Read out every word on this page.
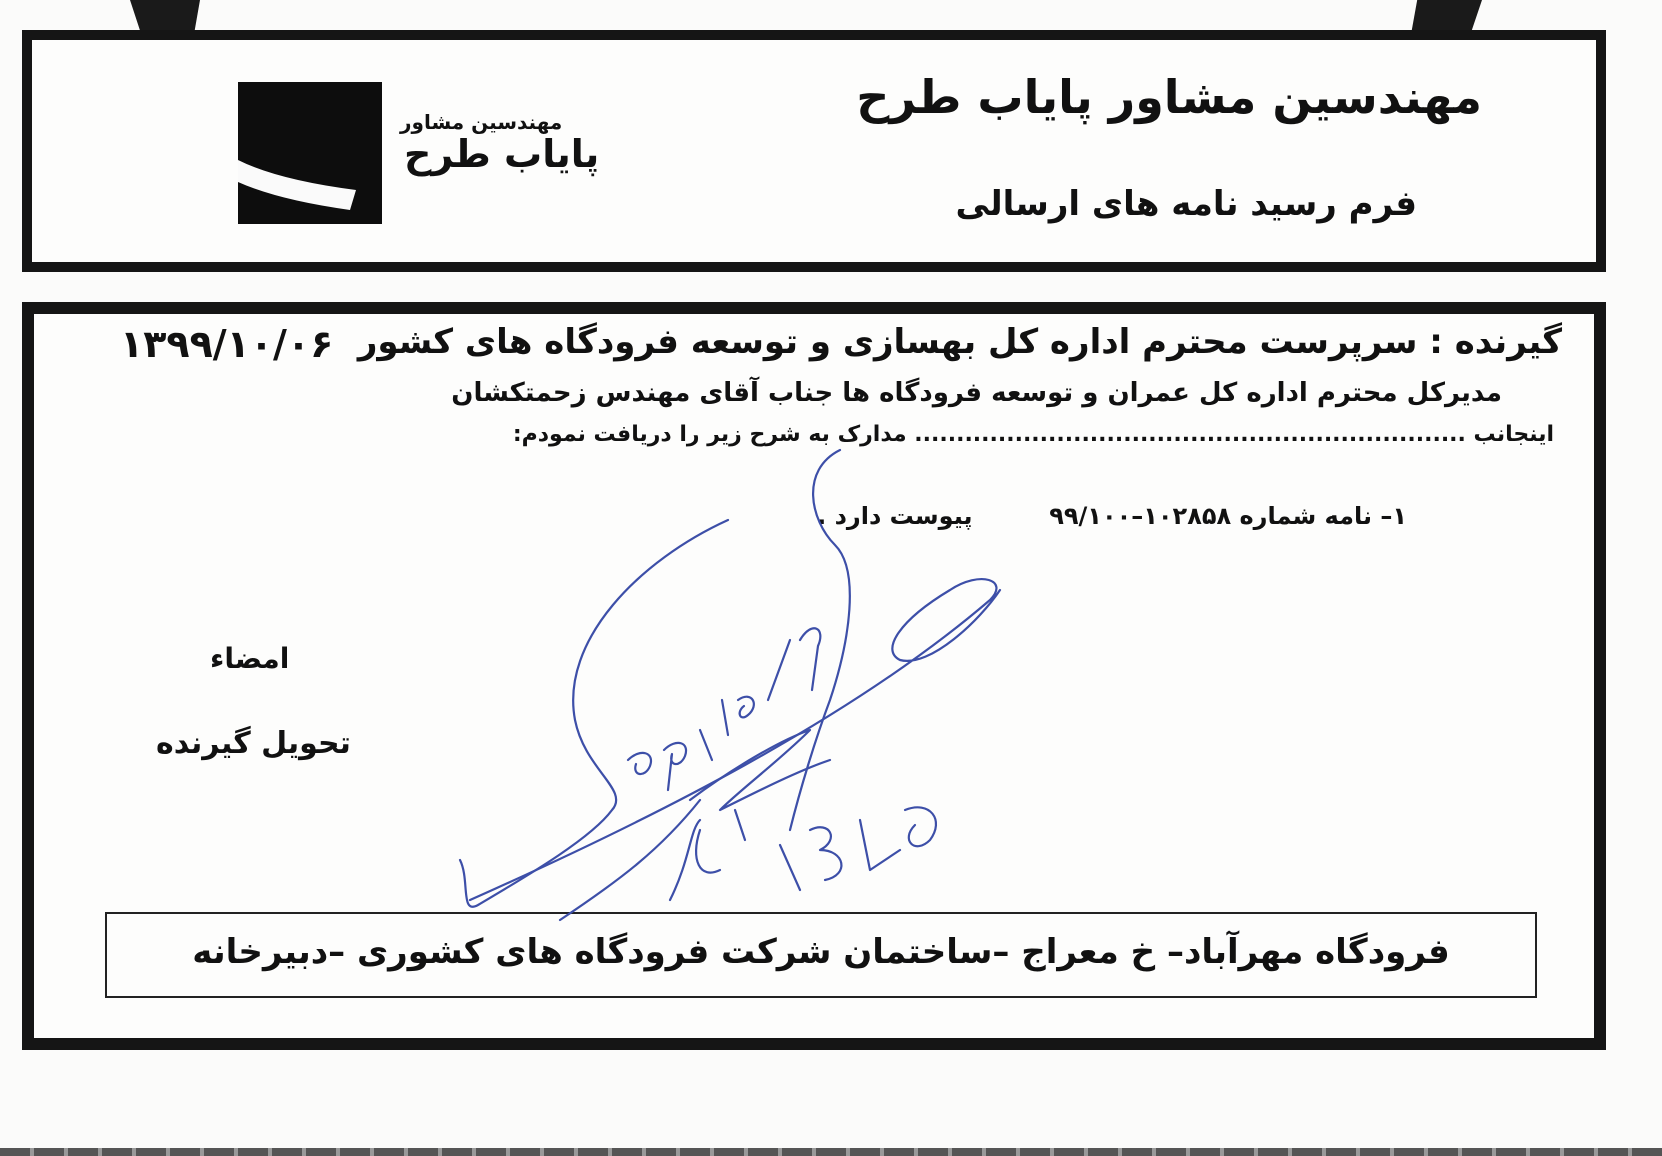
مهندسین مشاور پایاب طرح
فرم رسید نامه های ارسالی
مهندسین مشاور
پایاب طرح
۱۳۹۹/۱۰/۰۶ گیرنده : سرپرست محترم اداره کل بهسازی و توسعه فرودگاه های کشور
مدیرکل محترم اداره کل عمران و توسعه فرودگاه ها جناب آقای مهندس زحمتکشان
اینجانب .................................................................. مدارک به شرح زیر را دریافت نمودم:
۱– نامه شماره ۱۰۲۸۵۸–۹۹/۱۰۰  پیوست دارد .
امضاء
تحویل گیرنده
فرودگاه مهرآباد– خ معراج –ساختمان شرکت فرودگاه های کشوری –دبیرخانه
